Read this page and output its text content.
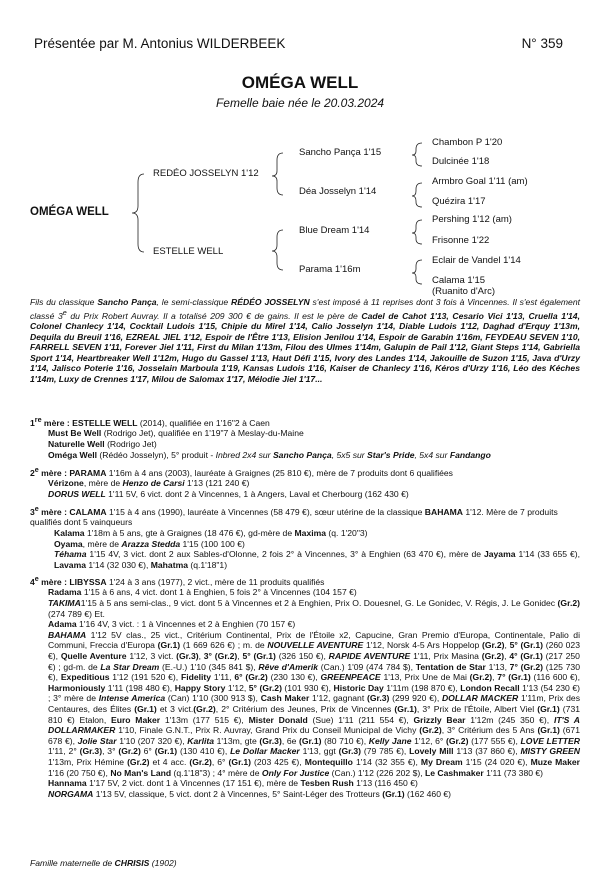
Présentée par M. Antonius WILDERBEEK	N° 359
OMÉGA WELL
Femelle baie née le 20.03.2024
OMÉGA WELL
REDÉO JOSSELYN 1'12
ESTELLE WELL
Sancho Pança 1'15
Déa Josselyn 1'14
Blue Dream 1'14
Parama 1'16m
Chambon P 1'20
Dulcinée 1'18
Armbro Goal 1'11 (am)
Quézira 1'17
Pershing 1'12 (am)
Frisonne 1'22
Eclair de Vandel 1'14
Calama 1'15
(Ruanito d'Arc)
Fils du classique Sancho Pança, le semi-classique RÉDÉO JOSSELYN s'est imposé à 11 reprises dont 3 fois à Vincennes. Il s'est également classé 3e du Prix Robert Auvray. Il a totalisé 209 300 € de gains. Il est le père de Cadel de Cahot 1'13, Cesario Vici 1'13, Cruella 1'14, Colonel Chanlecy 1'14, Cocktail Ludois 1'15, Chipie du Mirel 1'14, Calio Josselyn 1'14, Diable Ludois 1'12, Daghad d'Erquy 1'13m, Dequila du Breuil 1'16, EZREAL JIEL 1'12, Espoir de l'Être 1'13, Elision Jenilou 1'14, Espoir de Garabin 1'16m, FEYDEAU SEVEN 1'10, FARRELL SEVEN 1'11, Forever Jiel 1'11, First du Milan 1'13m, Filou des Ulmes 1'14m, Galupin de Pail 1'12, Giant Steps 1'14, Gabriella Sport 1'14, Heartbreaker Well 1'12m, Hugo du Gassel 1'13, Haut Défi 1'15, Ivory des Landes 1'14, Jakouille de Suzon 1'15, Java d'Urzy 1'14, Jalisco Poterie 1'16, Josselain Marboula 1'19, Kansas Ludois 1'16, Kaiser de Chanlecy 1'16, Kéros d'Urzy 1'16, Léo des Kéches 1'14m, Luxy de Crennes 1'17, Milou de Salomax 1'17, Mélodie Jiel 1'17...

1re mère : ESTELLE WELL (2014), qualifiée en 1'16"2 à Caen

Must Be Well (Rodrigo Jet), qualifiée en 1'19"7 à Meslay-du-Maine

Naturelle Well (Rodrigo Jet)

Oméga Well (Rédéo Josselyn), 5° produit - Inbred 2x4 sur Sancho Pança, 5x5 sur Star's Pride, 5x4 sur Fandango

2e mère : PARAMA 1'16m à 4 ans (2003), lauréate à Graignes (25 810 €), mère de 7 produits dont 6 qualifiées

Vérizone, mère de Henzo de Carsi 1'13 (121 240 €)

DORUS WELL 1'11 5V, 6 vict. dont 2 à Vincennes, 1 à Angers, Laval et Cherbourg (162 430 €)

3e mère : CALAMA 1'15 à 4 ans (1990), lauréate à Vincennes (58 479 €), sœur utérine de la classique BAHAMA 1'12. Mère de 7 produits qualifiés dont 5 vainqueurs

Kalama 1'18m à 5 ans, gte à Graignes (18 476 €), gd-mère de Maxima (q. 1'20"3)

Oyama, mère de Arazza Stedda 1'15 (100 100 €)

Téhama 1'15 4V, 3 vict. dont 2 aux Sables-d'Olonne, 2 fois 2° à Vincennes, 3° à Enghien (63 470 €), mère de Jayama 1'14 (33 655 €), Lavama 1'14 (32 030 €), Mahatma (q.1'18"1)

4e mère : LIBYSSA 1'24 à 3 ans (1977), 2 vict., mère de 11 produits qualifiés

Radama 1'15 à 6 ans, 4 vict. dont 1 à Enghien, 5 fois 2° à Vincennes (104 157 €)

TAKIMA1'15 à 5 ans semi-clas., 9 vict. dont 5 à Vincennes et 2 à Enghien, Prix O. Douesnel, G. Le Gonidec, V. Régis, J. Le Gonidec (Gr.2) (274 789 €) Et.

Adama 1'16 4V, 3 vict. : 1 à Vincennes et 2 à Enghien (70 157 €)

BAHAMA 1'12 5V clas., 25 vict., Critérium Continental, Prix de l'Étoile x2, Capucine, Gran Premio d'Europa, Continentale, Palio di Communi, Freccia d'Europa (Gr.1) (1 669 626 €) ; m. de NOUVELLE AVENTURE 1'12, Norsk 4-5 Ars Hoppelop (Gr.2), 5° (Gr.1) (260 023 €), Quelle Aventure 1'12, 3 vict. (Gr.3), 3° (Gr.2), 5° (Gr.1) (326 150 €), RAPIDE AVENTURE 1'11, Prix Masina (Gr.2), 4° (Gr.1) (217 250 €) ; gd-m. de La Star Dream (E.-U.) 1'10 (345 841 $), Rêve d'Amerik (Can.) 1'09 (474 784 $), Tentation de Star 1'13, 7° (Gr.2) (125 730 €), Expeditious 1'12 (191 520 €), Fidelity 1'11, 6° (Gr.2) (230 130 €), GREENPEACE 1'13, Prix Une de Mai (Gr.2), 7° (Gr.1) (116 600 €), Harmoniously 1'11 (198 480 €), Happy Story 1'12, 5° (Gr.2) (101 930 €), Historic Day 1'11m (198 870 €), London Recall 1'13 (54 230 €) ; 3° mère de Intense America (Can) 1'10 (300 913 $), Cash Maker 1'12, gagnant (Gr.3) (299 920 €), DOLLAR MACKER 1'11m, Prix des Centaures, des Élites (Gr.1) et 3 vict.(Gr.2), 2° Critérium des Jeunes, Prix de Vincennes (Gr.1), 3° Prix de l'Étoile, Albert Viel (Gr.1) (731 810 €) Etalon, Euro Maker 1'13m (177 515 €), Mister Donald (Sue) 1'11 (211 554 €), Grizzly Bear 1'12m (245 350 €), IT'S A DOLLARMAKER 1'10, Finale G.N.T., Prix R. Auvray, Grand Prix du Conseil Municipal de Vichy (Gr.2), 3° Critérium des 5 Ans (Gr.1) (671 678 €), Jolie Star 1'10 (207 320 €), Karlita 1'13m, gte (Gr.3), 6e (Gr.1) (80 710 €), Kelly Jane 1'12, 6° (Gr.2) (177 555 €), LOVE LETTER 1'11, 2° (Gr.3), 3° (Gr.2) 6° (Gr.1) (130 410 €), Le Dollar Macker 1'13, ggt (Gr.3) (79 785 €), Lovely Mill 1'13 (37 860 €), MISTY GREEN 1'13m, Prix Hémine (Gr.2) et 4 acc. (Gr.2), 6° (Gr.1) (203 425 €), Montequillo 1'14 (32 355 €), My Dream 1'15 (24 020 €), Muze Maker 1'16 (20 750 €), No Man's Land (q.1'18"3) ; 4° mère de Only For Justice (Can.) 1'12 (226 202 $), Le Cashmaker 1'11 (73 380 €)

Hannama 1'17 5V, 2 vict. dont 1 à Vincennes (17 151 €), mère de Tesben Rush 1'13 (116 450 €)

NORGAMA 1'13 5V, classique, 5 vict. dont 2 à Vincennes, 5° Saint-Léger des Trotteurs (Gr.1) (162 460 €)

Famille maternelle de CHRISIS (1902)
